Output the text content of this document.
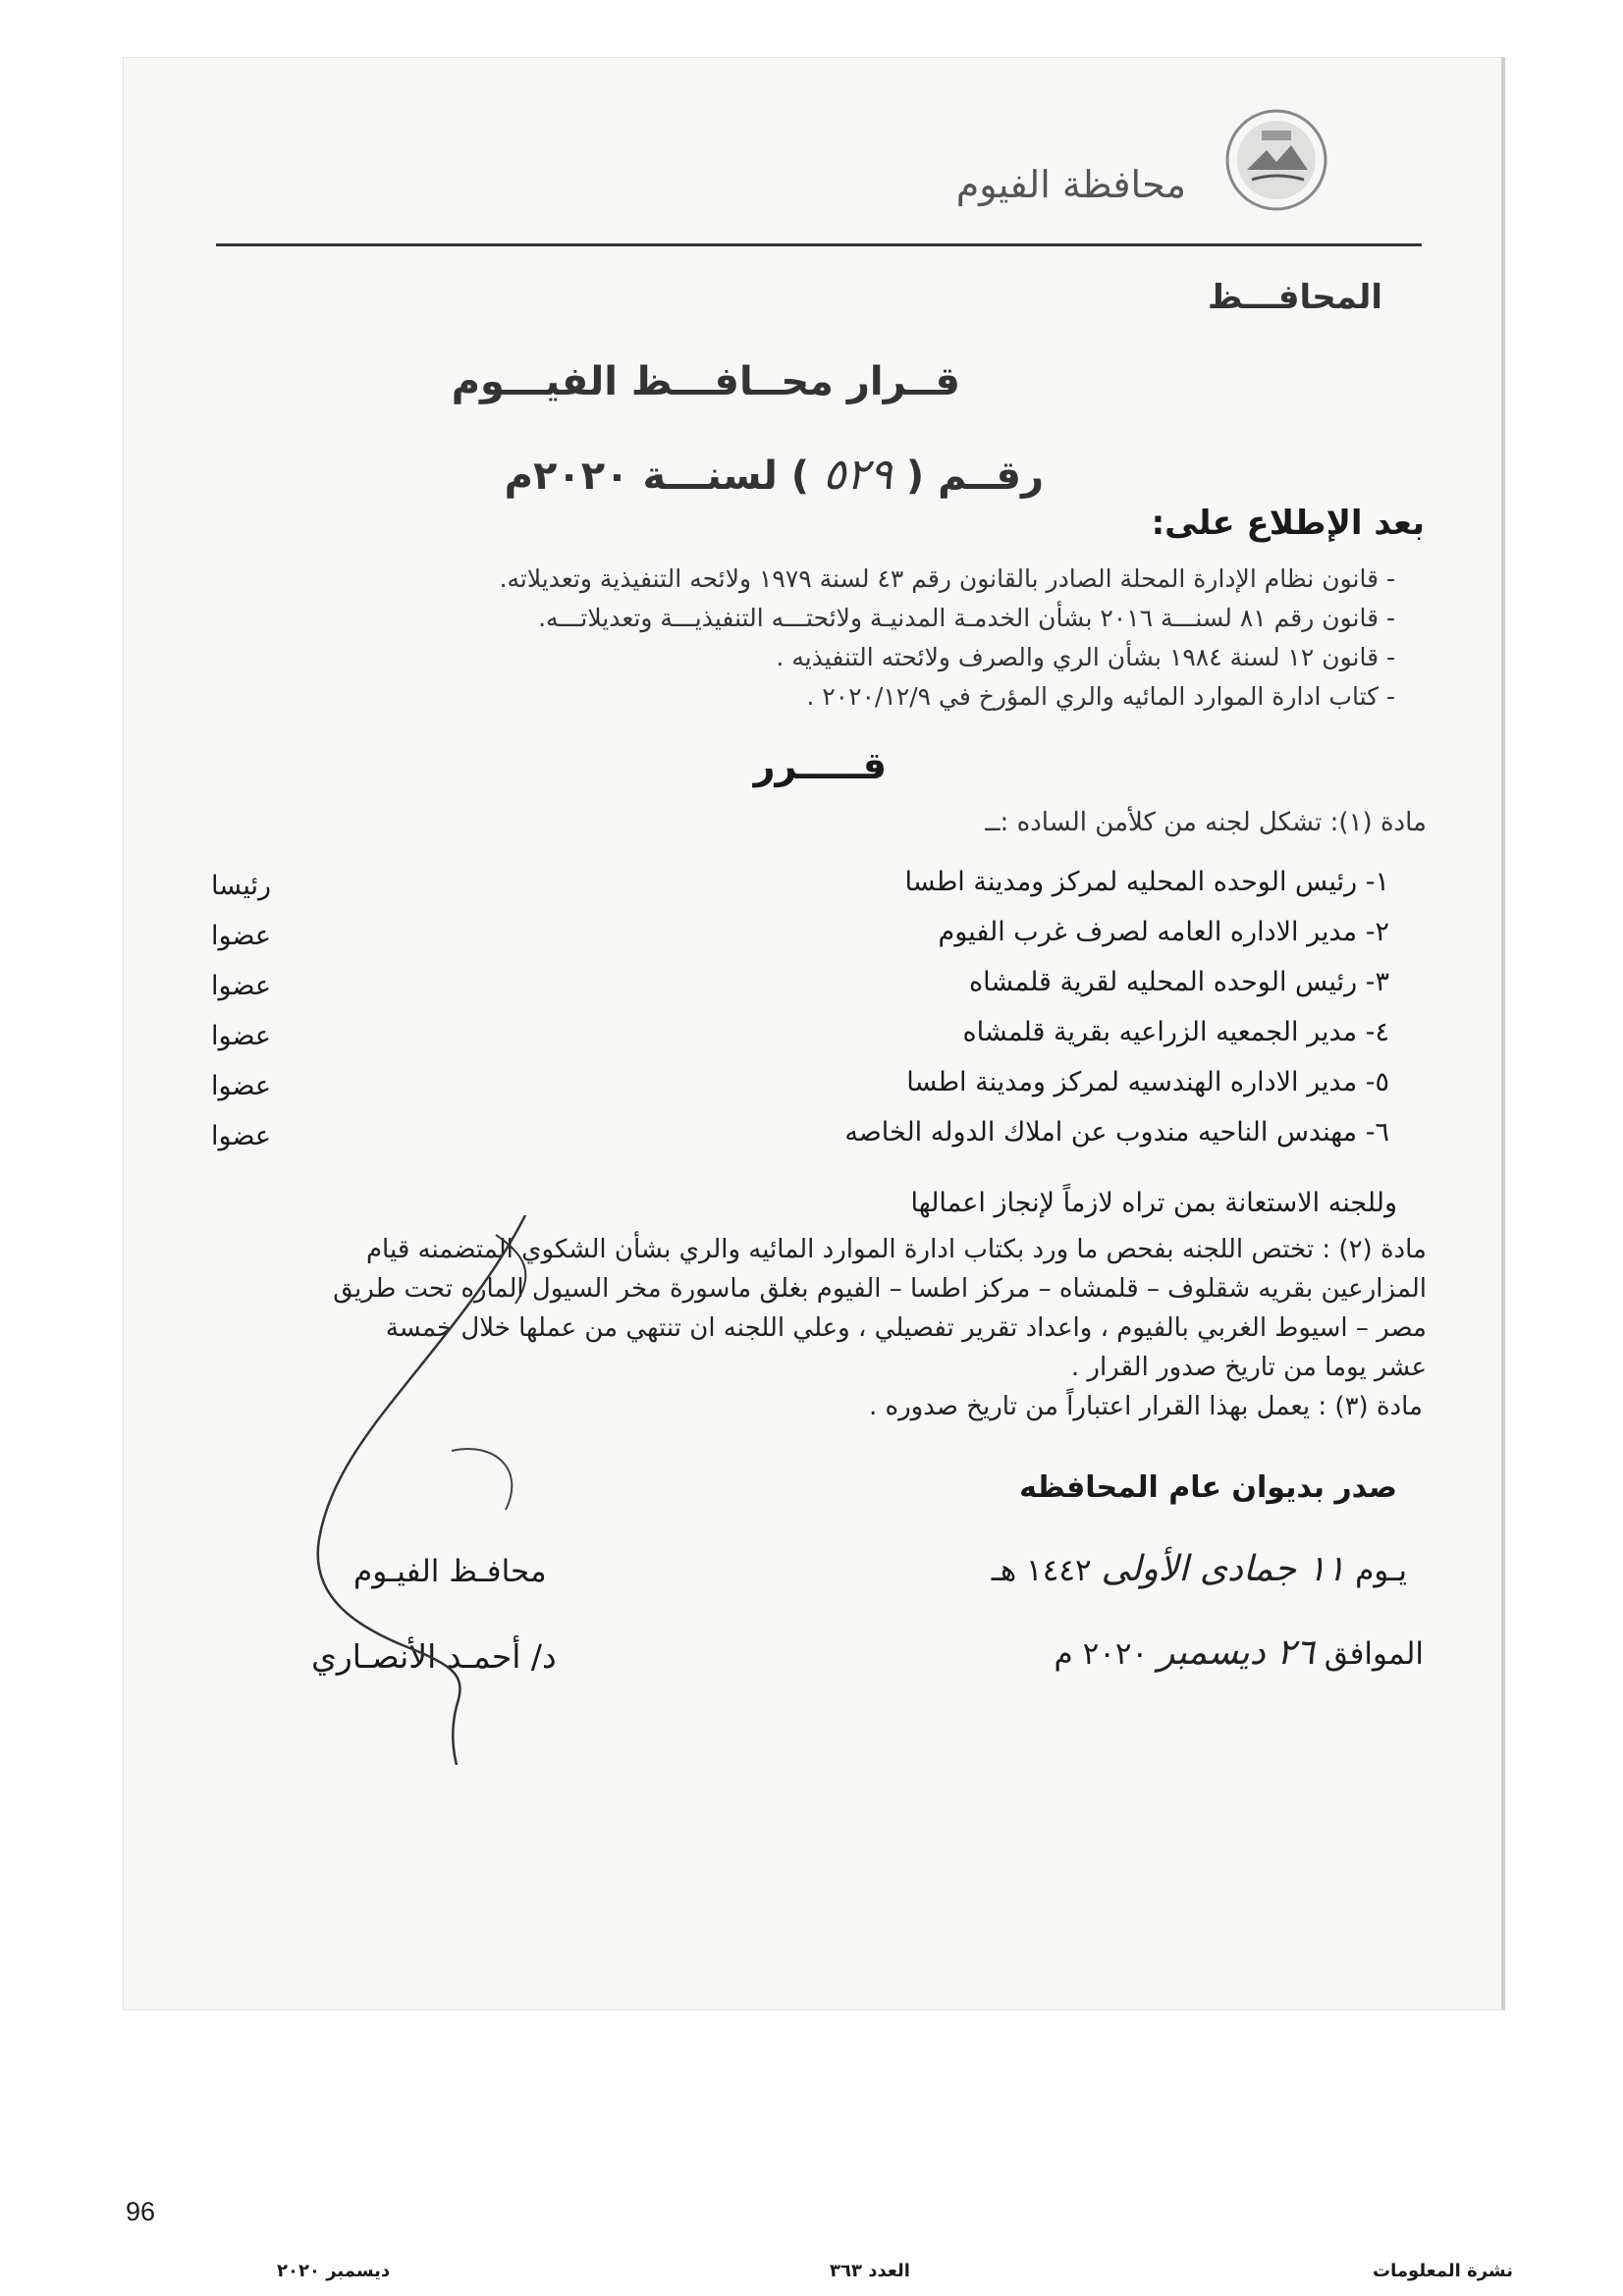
محافظة الفيوم
المحافـــظ
قــرار محــافـــظ الفيـــوم
رقــم ( ٥٢٩ ) لسنـــة ٢٠٢٠م
بعد الإطلاع على:
- قانون نظام الإدارة المحلة الصادر بالقانون رقم ٤٣ لسنة ١٩٧٩ ولائحه التنفيذية وتعديلاته.
- قانون رقم ٨١ لسنـــة ٢٠١٦ بشأن الخدمـة المدنيـة ولائحتـــه التنفيذيـــة وتعديلاتـــه.
- قانون ١٢ لسنة ١٩٨٤ بشأن الري والصرف ولائحته التنفيذيه .
- كتاب ادارة الموارد المائيه والري المؤرخ في ٢٠٢٠/١٢/٩ .
قـــــرر
مادة (١): تشكل لجنه من كلأمن الساده :ــ
١- رئيس الوحده المحليه لمركز ومدينة اطسا
رئيسا
٢- مدير الاداره العامه لصرف غرب الفيوم
عضوا
٣- رئيس الوحده المحليه لقرية قلمشاه
عضوا
٤- مدير الجمعيه الزراعيه بقرية قلمشاه
عضوا
٥- مدير الاداره الهندسيه لمركز ومدينة اطسا
عضوا
٦- مهندس الناحيه مندوب عن املاك الدوله الخاصه
عضوا
وللجنه الاستعانة بمن تراه لازماً لإنجاز اعمالها
مادة (٢) : تختص اللجنه بفحص ما ورد بكتاب ادارة الموارد المائيه والري بشأن الشكوي المتضمنه قيام
المزارعين بقريه شقلوف – قلمشاه – مركز اطسا – الفيوم بغلق ماسورة مخر السيول الماره تحت طريق
مصر – اسيوط الغربي بالفيوم ، واعداد تقرير تفصيلي ، وعلي اللجنه ان تنتهي من عملها خلال خمسة
عشر يوما من تاريخ صدور القرار .
مادة (٣) : يعمل بهذا القرار اعتباراً من تاريخ صدوره .
صدر بديوان عام المحافظه
محافـظ الفيـوم
د/ أحمـد الأنصـاري
يـوم ١١ جمادى الأولى ١٤٤٢ هـ
الموافق ٢٦ ديسمبر ٢٠٢٠ م
96
نشرة المعلومات
العدد ٣٦٣
ديسمبر ٢٠٢٠
